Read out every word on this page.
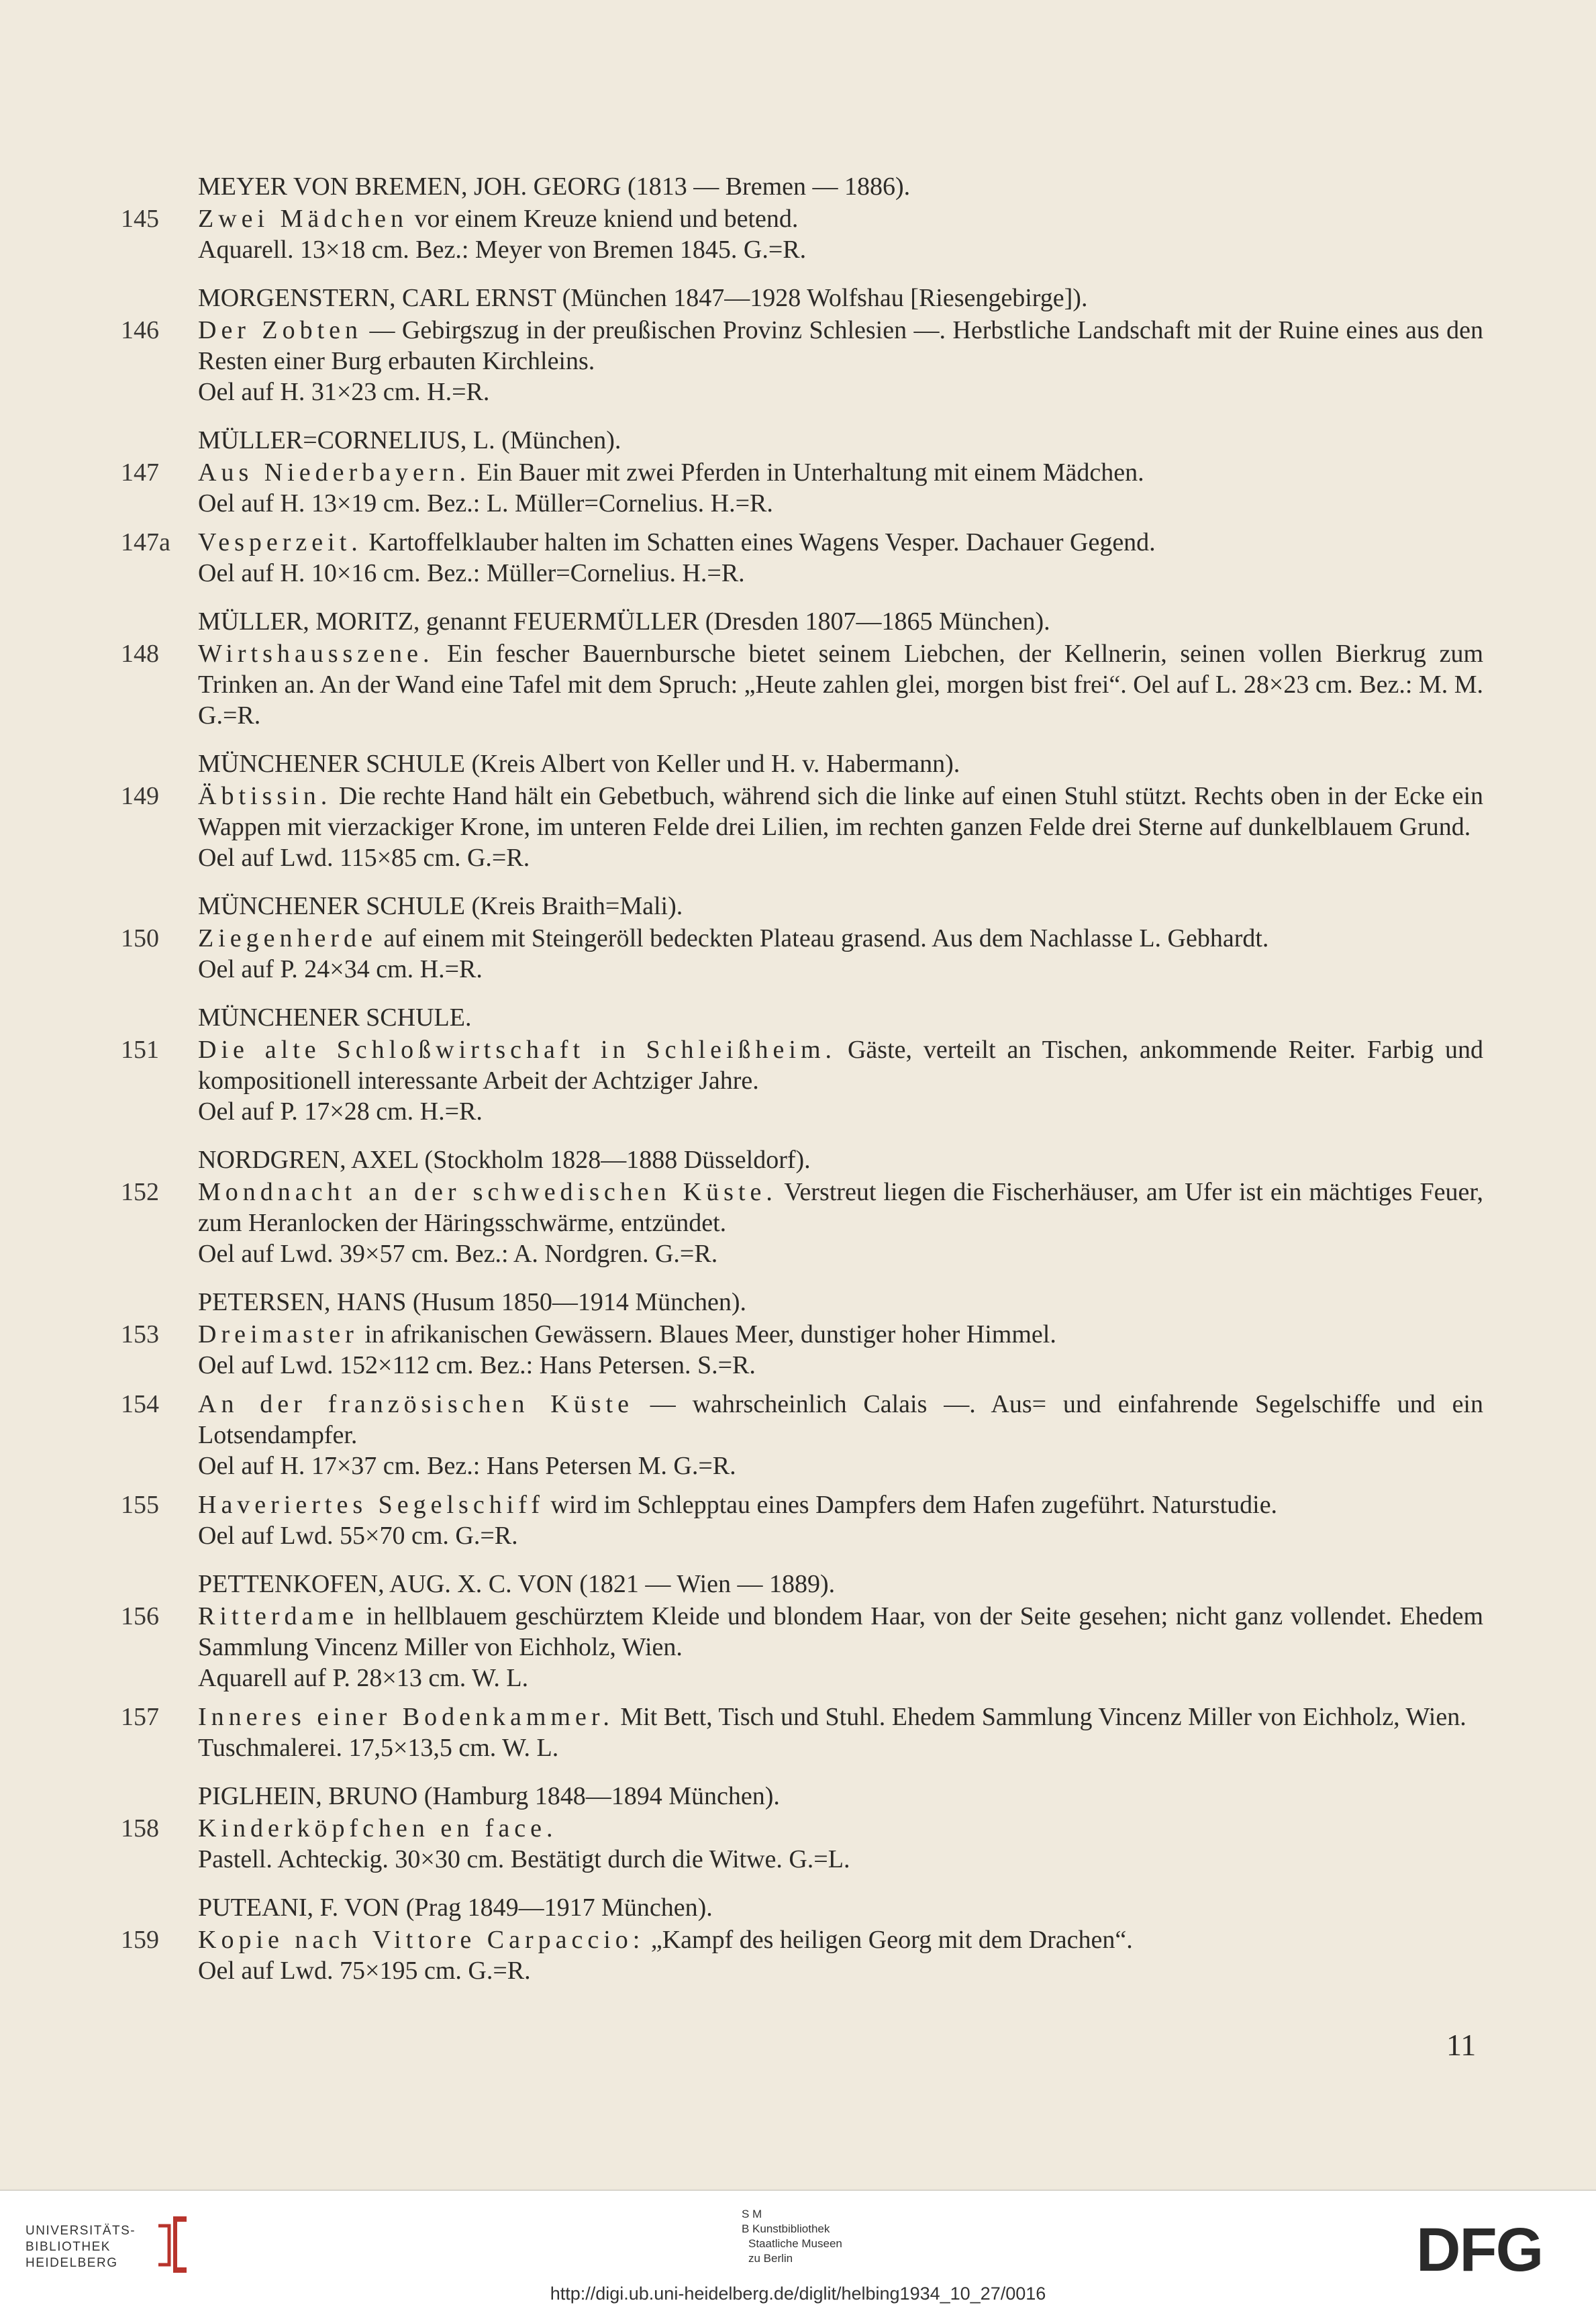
MEYER VON BREMEN, JOH. GEORG (1813 — Bremen — 1886).
145	Zwei Mädchen vor einem Kreuze kniend und betend.
Aquarell. 13×18 cm. Bez.: Meyer von Bremen 1845. G.=R.
MORGENSTERN, CARL ERNST (München 1847—1928 Wolfshau [Riesengebirge]).
146	Der Zobten — Gebirgszug in der preußischen Provinz Schlesien —. Herbstliche Landschaft mit der Ruine eines aus den Resten einer Burg erbauten Kirchleins.
Oel auf H. 31×23 cm. H.=R.
MÜLLER=CORNELIUS, L. (München).
147	Aus Niederbayern. Ein Bauer mit zwei Pferden in Unterhaltung mit einem Mädchen.
Oel auf H. 13×19 cm. Bez.: L. Müller=Cornelius. H.=R.
147a	Vesperzeit. Kartoffelklauber halten im Schatten eines Wagens Vesper. Dachauer Gegend.
Oel auf H. 10×16 cm. Bez.: Müller=Cornelius. H.=R.
MÜLLER, MORITZ, genannt FEUERMÜLLER (Dresden 1807—1865 München).
148	Wirtshausszene. Ein fescher Bauernbursche bietet seinem Liebchen, der Kellnerin, seinen vollen Bierkrug zum Trinken an. An der Wand eine Tafel mit dem Spruch: „Heute zahlen glei, morgen bist frei“. Oel auf L. 28×23 cm. Bez.: M. M. G.=R.
MÜNCHENER SCHULE (Kreis Albert von Keller und H. v. Habermann).
149	Äbtissin. Die rechte Hand hält ein Gebetbuch, während sich die linke auf einen Stuhl stützt. Rechts oben in der Ecke ein Wappen mit vierzackiger Krone, im unteren Felde drei Lilien, im rechten ganzen Felde drei Sterne auf dunkelblauem Grund.
Oel auf Lwd. 115×85 cm. G.=R.
MÜNCHENER SCHULE (Kreis Braith=Mali).
150	Ziegenherde auf einem mit Steingeröll bedeckten Plateau grasend. Aus dem Nachlasse L. Gebhardt.
Oel auf P. 24×34 cm. H.=R.
MÜNCHENER SCHULE.
151	Die alte Schloßwirtschaft in Schleißheim. Gäste, verteilt an Tischen, ankommende Reiter. Farbig und kompositionell interessante Arbeit der Achtziger Jahre.
Oel auf P. 17×28 cm. H.=R.
NORDGREN, AXEL (Stockholm 1828—1888 Düsseldorf).
152	Mondnacht an der schwedischen Küste. Verstreut liegen die Fischerhäuser, am Ufer ist ein mächtiges Feuer, zum Heranlocken der Häringsschwärme, entzündet.
Oel auf Lwd. 39×57 cm. Bez.: A. Nordgren. G.=R.
PETERSEN, HANS (Husum 1850—1914 München).
153	Dreimaster in afrikanischen Gewässern. Blaues Meer, dunstiger hoher Himmel.
Oel auf Lwd. 152×112 cm. Bez.: Hans Petersen. S.=R.
154	An der französischen Küste — wahrscheinlich Calais —. Aus= und einfahrende Segelschiffe und ein Lotsendampfer.
Oel auf H. 17×37 cm. Bez.: Hans Petersen M. G.=R.
155	Haveriertes Segelschiff wird im Schlepptau eines Dampfers dem Hafen zugeführt. Naturstudie.
Oel auf Lwd. 55×70 cm. G.=R.
PETTENKOFEN, AUG. X. C. VON (1821 — Wien — 1889).
156	Ritterdame in hellblauem geschürztem Kleide und blondem Haar, von der Seite gesehen; nicht ganz vollendet. Ehedem Sammlung Vincenz Miller von Eichholz, Wien.
Aquarell auf P. 28×13 cm. W. L.
157	Inneres einer Bodenkammer. Mit Bett, Tisch und Stuhl. Ehedem Sammlung Vincenz Miller von Eichholz, Wien.
Tuschmalerei. 17,5×13,5 cm. W. L.
PIGLHEIN, BRUNO (Hamburg 1848—1894 München).
158	Kinderköpfchen en face.
Pastell. Achteckig. 30×30 cm. Bestätigt durch die Witwe. G.=L.
PUTEANI, F. VON (Prag 1849—1917 München).
159	Kopie nach Vittore Carpaccio: „Kampf des heiligen Georg mit dem Drachen“.
Oel auf Lwd. 75×195 cm. G.=R.
11
UNIVERSITÄTS-
BIBLIOTHEK
HEIDELBERG
S M
B Kunstbibliothek
Staatliche Museen
zu Berlin	DFG
http://digi.ub.uni-heidelberg.de/diglit/helbing1934_10_27/0016
